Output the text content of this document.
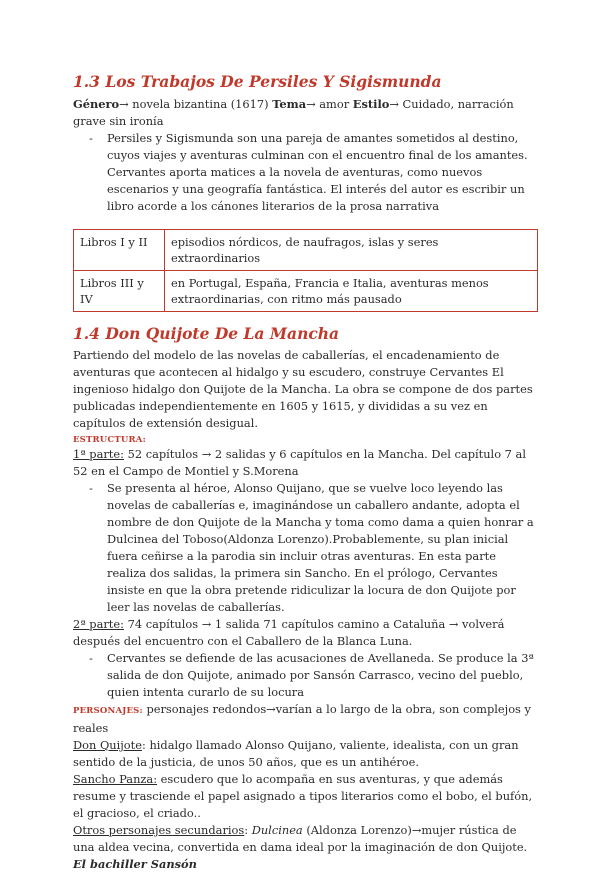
1.3 Los Trabajos De Persiles Y Sigismunda

Género→ novela bizantina (1617) Tema→ amor Estilo→ Cuidado, narración grave sin ironía

- Persiles y Sigismunda son una pareja de amantes sometidos al destino, cuyos viajes y aventuras culminan con el encuentro final de los amantes. Cervantes aporta matices a la novela de aventuras, como nuevos escenarios y una geografía fantástica. El interés del autor es escribir un libro acorde a los cánones literarios de la prosa narrativa
Libros I y II	episodios nórdicos, de naufragos, islas y seres extraordinarios
Libros III y IV	en Portugal, España, Francia e Italia, aventuras menos extraordinarias, con ritmo más pausado
1.4 Don Quijote De La Mancha

Partiendo del modelo de las novelas de caballerías, el encadenamiento de aventuras que acontecen al hidalgo y su escudero, construye Cervantes El ingenioso hidalgo don Quijote de la Mancha. La obra se compone de dos partes publicadas independientemente en 1605 y 1615, y divididas a su vez en capítulos de extensión desigual.

ESTRUCTURA:

1ª parte: 52 capítulos → 2 salidas y 6 capítulos en la Mancha. Del capítulo 7 al 52 en el Campo de Montiel y S.Morena

- Se presenta al héroe, Alonso Quijano, que se vuelve loco leyendo las novelas de caballerías e, imaginándose un caballero andante, adopta el nombre de don Quijote de la Mancha y toma como dama a quien honrar a Dulcinea del Toboso(Aldonza Lorenzo).Probablemente, su plan inicial fuera ceñirse a la parodia sin incluir otras aventuras. En esta parte realiza dos salidas, la primera sin Sancho. En el prólogo, Cervantes insiste en que la obra pretende ridiculizar la locura de don Quijote por leer las novelas de caballerías.

2ª parte: 74 capítulos → 1 salida 71 capítulos camino a Cataluña → volverá después del encuentro con el Caballero de la Blanca Luna.

- Cervantes se defiende de las acusaciones de Avellaneda. Se produce la 3ª salida de don Quijote, animado por Sansón Carrasco, vecino del pueblo, quien intenta curarlo de su locura

PERSONAJES: personajes redondos→varían a lo largo de la obra, son complejos y reales

Don Quijote: hidalgo llamado Alonso Quijano, valiente, idealista, con un gran sentido de la justicia, de unos 50 años, que es un antihéroe.

Sancho Panza: escudero que lo acompaña en sus aventuras, y que además resume y trasciende el papel asignado a tipos literarios como el bobo, el bufón, el gracioso, el criado..

Otros personajes secundarios: Dulcinea (Aldonza Lorenzo)→mujer rústica de una aldea vecina, convertida en dama ideal por la imaginación de don Quijote. El bachiller Sansón
